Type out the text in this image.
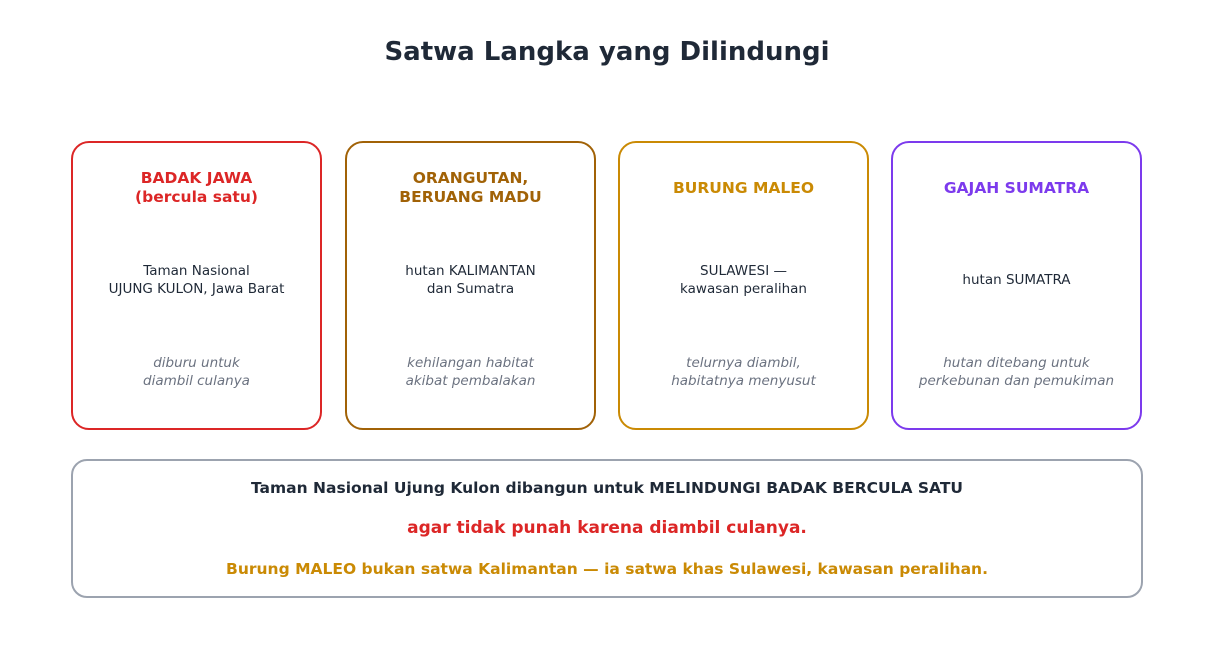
Satwa Langka yang Dilindungi
BADAK JAWA
(bercula satu)
Taman Nasional
UJUNG KULON, Jawa Barat
diburu untuk
diambil culanya
ORANGUTAN,
BERUANG MADU
hutan KALIMANTAN
dan Sumatra
kehilangan habitat
akibat pembalakan
BURUNG MALEO
SULAWESI —
kawasan peralihan
telurnya diambil,
habitatnya menyusut
GAJAH SUMATRA
hutan SUMATRA
hutan ditebang untuk
perkebunan dan pemukiman
Taman Nasional Ujung Kulon dibangun untuk MELINDUNGI BADAK BERCULA SATU
agar tidak punah karena diambil culanya.
Burung MALEO bukan satwa Kalimantan — ia satwa khas Sulawesi, kawasan peralihan.
